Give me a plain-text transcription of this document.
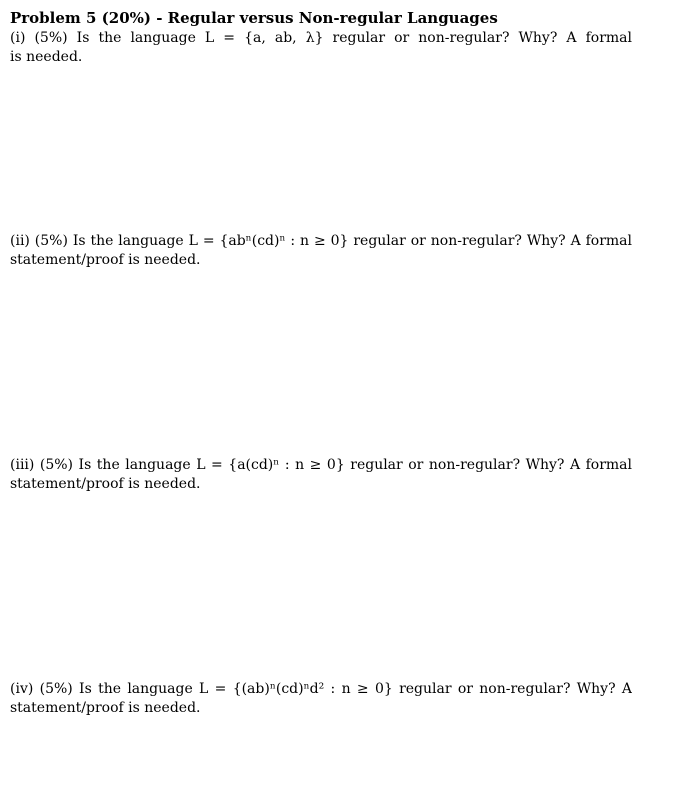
Problem 5 (20%) - Regular versus Non-regular Languages
(i) (5%) Is the language L = {a, ab, λ} regular or non-regular? Why? A formal
is needed.
(ii) (5%) Is the language L = {abⁿ(cd)ⁿ : n ≥ 0} regular or non-regular? Why? A formal
statement/proof is needed.
(iii) (5%) Is the language L = {a(cd)ⁿ : n ≥ 0} regular or non-regular? Why? A formal
statement/proof is needed.
(iv) (5%) Is the language L = {(ab)ⁿ(cd)ⁿd² : n ≥ 0} regular or non-regular? Why? A
statement/proof is needed.
